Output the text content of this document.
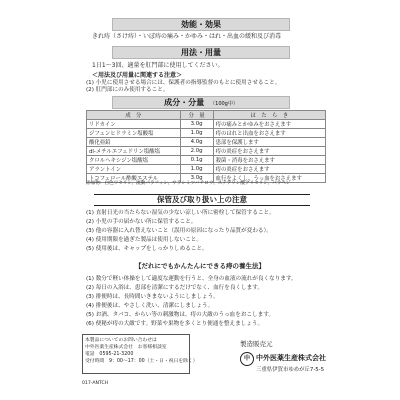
効能・効果
きれ痔（さけ痔）・いぼ痔の痛み・かゆみ・はれ・出血の緩和及び消毒
用法・用量
1日1〜3回、適量を肛門部に使用してください。
＜用法及び用量に関連する注意＞
(1) 小児に使用させる場合には、保護者の指導監督のもとに使用させること。
(2) 肛門部にのみ使用すること。
成分・分量 （100g中）
成　分	分　量	は　た　ら　き
リドカイン	3.0g	痔の痛みとかゆみをおさえます
ジフェンヒドラミン塩酸塩	1.0g	痔のはれと出血をおさえます
酸化亜鉛	4.0g	患部を保護します
dl-メチルエフェドリン塩酸塩	2.0g	痔の炎症をおさえます
クロルヘキシジン塩酸塩	0.1g	殺菌・消毒をおさえます
アラントイン	1.0g	痔の炎症をおさえます
トコフェロール酢酸エステル	3.0g	血行をよくし、うっ血をおさえます
添加物：白色ワセリン、流動パラフィン、サラシミツバチロウ、ステアリン酸グリセリン、パラベン
保管及び取り扱い上の注意
(1) 直射日光の当たらない湿気の少ない涼しい所に密栓して保管すること。
(2) 小児の手の届かない所に保管すること。
(3) 他の容器に入れ替えないこと（誤用の原因になったり品質が変わる）。
(4) 使用期限を過ぎた製品は使用しないこと。
(5) 使用後は、キャップをしっかりしめること。
【だれにでもかんたんにできる痔の養生法】
(1) 数分で軽い体操をして適度な運動を行うと、全身の血液の流れが良くなります。
(2) 毎日の入浴は、患部を清潔にするだけでなく、血行を良くします。
(3) 排便時は、長時間いきまないようにしましょう。
(4) 排便後は、やさしく洗い、清潔にしましょう。
(5) お酒、タバコ、からい等の刺激物は、痔の大敵のうっ血をおこします。
(6) 便秘が痔の大敵です。野菜や果物を多くとり便通を整えましょう。
本製品についてのお問い合わせは
中外医薬生産株式会社　お客様相談室
電話　0595-21-3200
受付時間　9：00〜17：00（土・日・祝日を除く）
017-ANTCH
製造販売元
中 中外医薬生産株式会社
三重県伊賀市ゆめが丘7-5-5
